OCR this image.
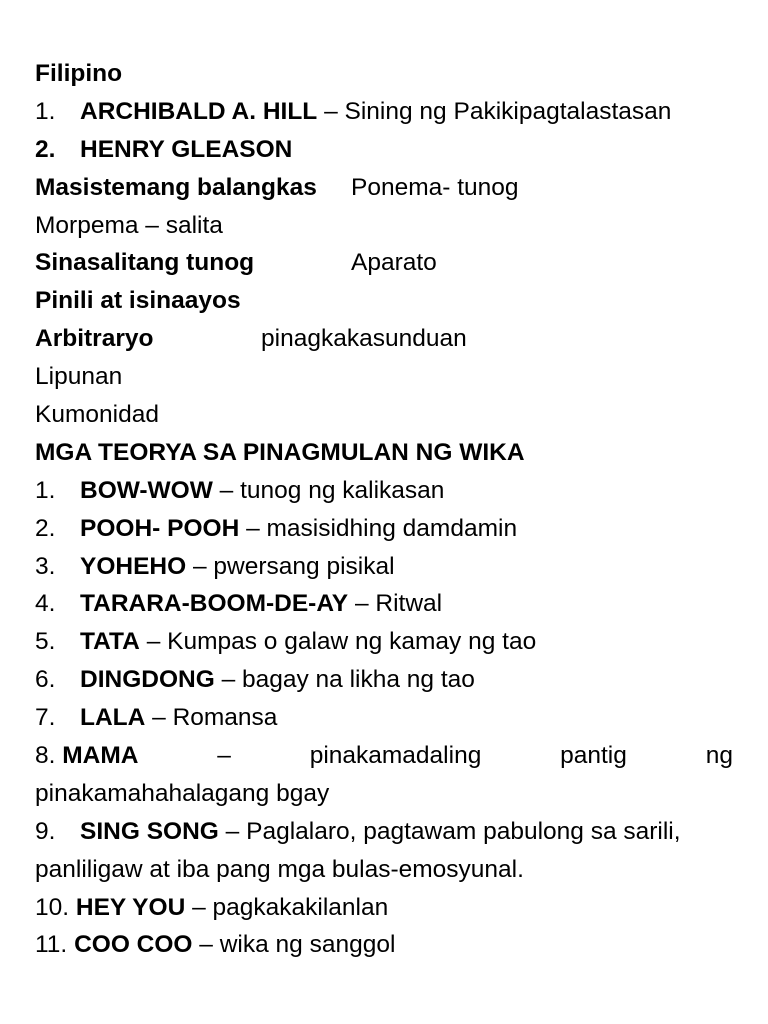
Filipino
1. ARCHIBALD A. HILL – Sining ng Pakikipagtalastasan
2. HENRY GLEASON
Masistemang balangkas Ponema- tunog
Morpema – salita
Sinasalitang tunog	Aparato
Pinili at isinaayos
Arbitraryo	pinagkakasunduan
Lipunan
Kumonidad
MGA TEORYA SA PINAGMULAN NG WIKA
1. BOW-WOW – tunog ng kalikasan
2. POOH- POOH – masisidhing damdamin
3. YOHEHO – pwersang pisikal
4. TARARA-BOOM-DE-AY – Ritwal
5. TATA – Kumpas o galaw ng kamay ng tao
6. DINGDONG – bagay na likha ng tao
7. LALA – Romansa
8. MAMA	–	pinakamadaling	pantig	ng
pinakamahahalagang bgay
9. SING SONG – Paglalaro, pagtawam pabulong sa sarili,
panliligaw at iba pang mga bulas-emosyunal.
10. HEY YOU – pagkakakilanlan
11. COO COO – wika ng sanggol
